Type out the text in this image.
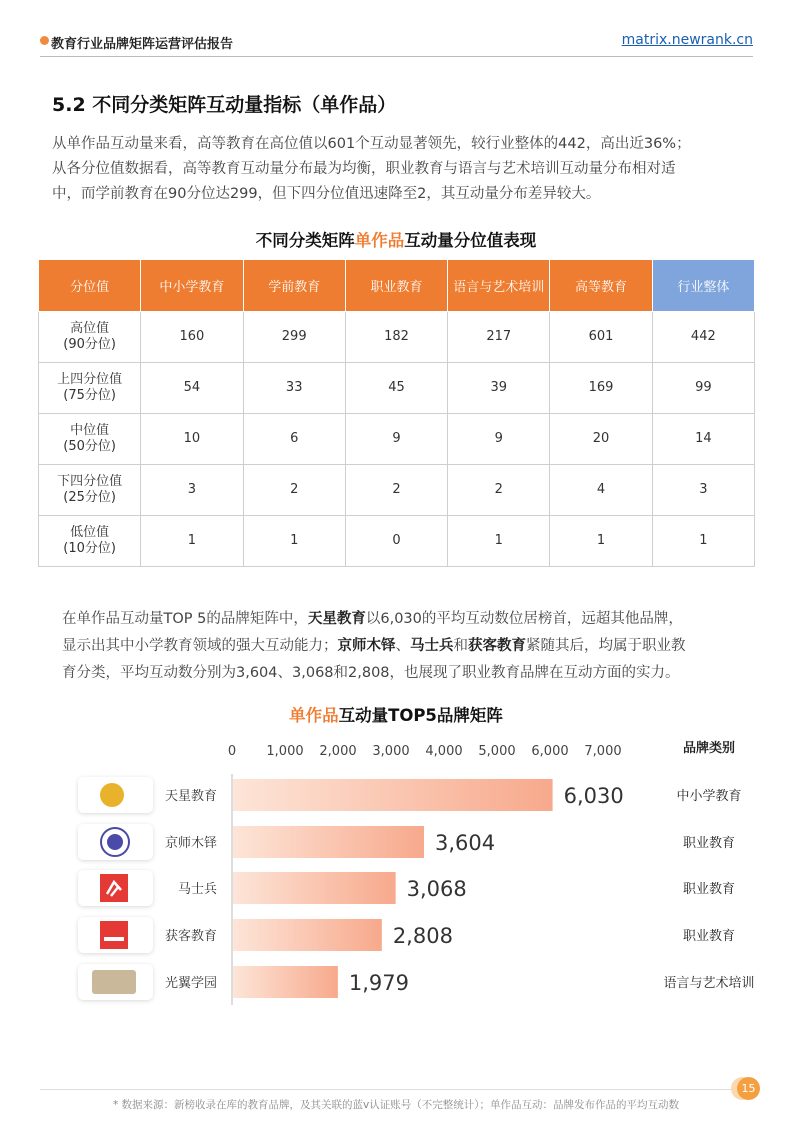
教育行业品牌矩阵运营评估报告	matrix.newrank.cn
5.2 不同分类矩阵互动量指标（单作品）

从单作品互动量来看，高等教育在高位值以601个互动显著领先，较行业整体的442，高出近36%；

从各分位值数据看，高等教育互动量分布最为均衡，职业教育与语言与艺术培训互动量分布相对适

中，而学前教育在90分位达299，但下四分位值迅速降至2，其互动量分布差异较大。

不同分类矩阵单作品互动量分位值表现
分位值	中小学教育	学前教育	职业教育	语言与艺术培训	高等教育	行业整体

高位值
(90分位)	160	299	182	217	601	442

上四分位值
(75分位)	54	33	45	39	169	99

中位值
(50分位)	10	6	9	9	20	14

下四分位值
(25分位)	3	2	2	2	4	3

低位值
(10分位)	1	1	0	1	1	1

在单作品互动量TOP 5的品牌矩阵中，天星教育以6,030的平均互动数位居榜首，远超其他品牌，

显示出其中小学教育领域的强大互动能力；京师木铎、马士兵和获客教育紧随其后，均属于职业教

育分类，平均互动数分别为3,604、3,068和2,808，也展现了职业教育品牌在互动方面的实力。

单作品互动量TOP5品牌矩阵
0 1,000 2,000 3,000 4,000 5,000 6,000 7,000	品牌类别
天星教育	6,030	中小学教育
京师木铎	3,604	职业教育
马士兵	3,068	职业教育
获客教育	2,808	职业教育
光翼学园	1,979	语言与艺术培训
15
* 数据来源：新榜收录在库的教育品牌，及其关联的蓝v认证账号（不完整统计）；单作品互动：品牌发布作品的平均互动数
